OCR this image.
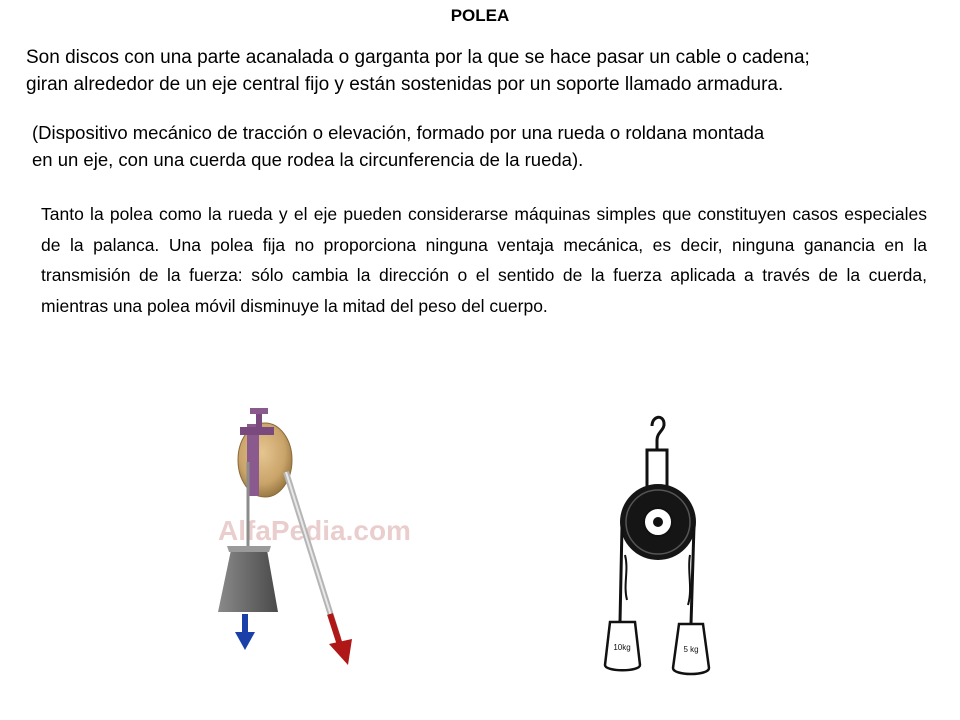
POLEA
Son discos con una parte acanalada o garganta por la que se hace pasar un cable o cadena;
giran alrededor de un eje central fijo y están sostenidas por un soporte llamado armadura.
(Dispositivo mecánico de tracción o elevación, formado por una rueda o roldana montada
en un eje, con una cuerda que rodea la circunferencia de la rueda).
Tanto la polea como la rueda y el eje pueden considerarse máquinas simples que constituyen casos especiales de la palanca. Una polea fija no proporciona ninguna ventaja mecánica, es decir, ninguna ganancia en la transmisión de la fuerza: sólo cambia la dirección o el sentido de la fuerza aplicada a través de la cuerda, mientras una polea móvil disminuye la mitad del peso del cuerpo.
AlfaPedia.com
10kg	5 kg
